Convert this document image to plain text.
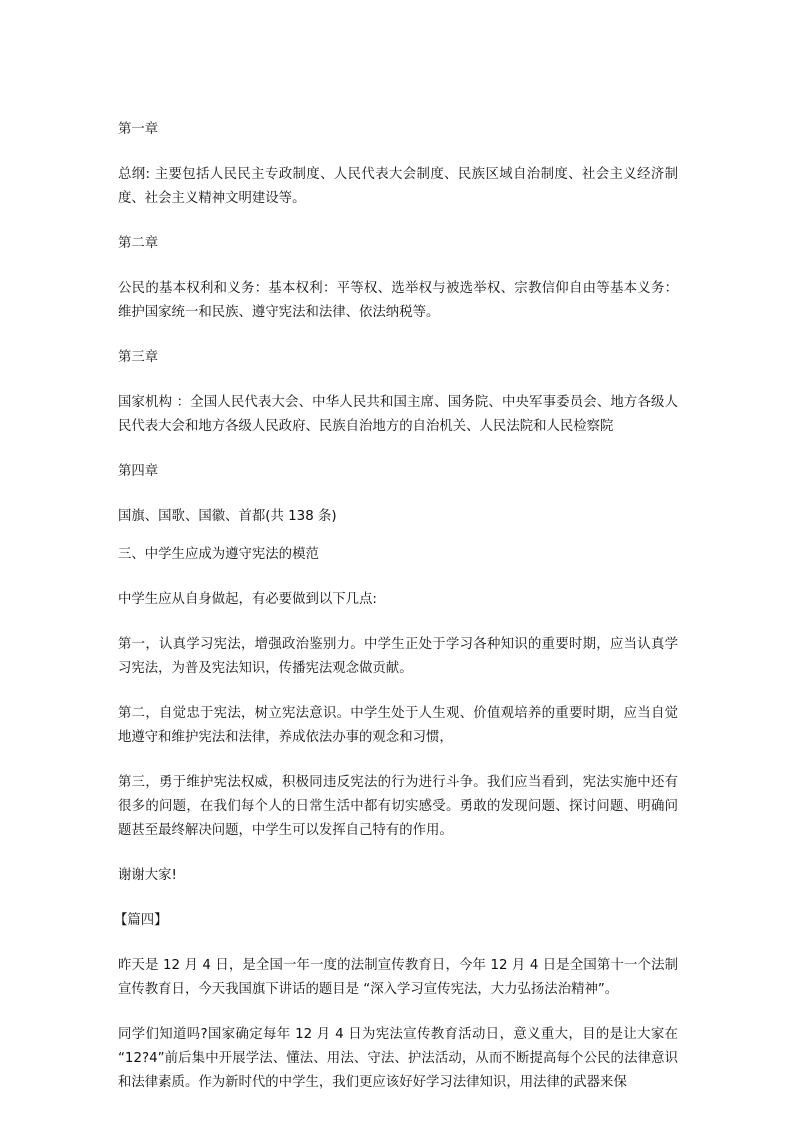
第一章

总纲: 主要包括人民民主专政制度、人民代表大会制度、民族区域自治制度、社会主义经济制度、社会主义精神文明建设等。

第二章

公民的基本权利和义务：基本权利：平等权、选举权与被选举权、宗教信仰自由等基本义务：维护国家统一和民族、遵守宪法和法律、依法纳税等。

第三章

国家机构 ：全国人民代表大会、中华人民共和国主席、国务院、中央军事委员会、地方各级人民代表大会和地方各级人民政府、民族自治地方的自治机关、人民法院和人民检察院

第四章

国旗、国歌、国徽、首都(共 138 条)

三、中学生应成为遵守宪法的模范

中学生应从自身做起，有必要做到以下几点:

第一，认真学习宪法，增强政治鉴别力。中学生正处于学习各种知识的重要时期，应当认真学习宪法，为普及宪法知识，传播宪法观念做贡献。

第二，自觉忠于宪法，树立宪法意识。中学生处于人生观、价值观培养的重要时期，应当自觉地遵守和维护宪法和法律，养成依法办事的观念和习惯，

第三，勇于维护宪法权威，积极同违反宪法的行为进行斗争。我们应当看到，宪法实施中还有很多的问题，在我们每个人的日常生活中都有切实感受。勇敢的发现问题、探讨问题、明确问题甚至最终解决问题，中学生可以发挥自己特有的作用。

谢谢大家!

【篇四】

昨天是 12 月 4 日，是全国一年一度的法制宣传教育日，今年 12 月 4 日是全国第十一个法制宣传教育日，今天我国旗下讲话的题目是 “深入学习宣传宪法，大力弘扬法治精神”。

同学们知道吗?国家确定每年 12 月 4 日为宪法宣传教育活动日，意义重大，目的是让大家在 “12?4”前后集中开展学法、懂法、用法、守法、护法活动，从而不断提高每个公民的法律意识和法律素质。作为新时代的中学生，我们更应该好好学习法律知识，用法律的武器来保
